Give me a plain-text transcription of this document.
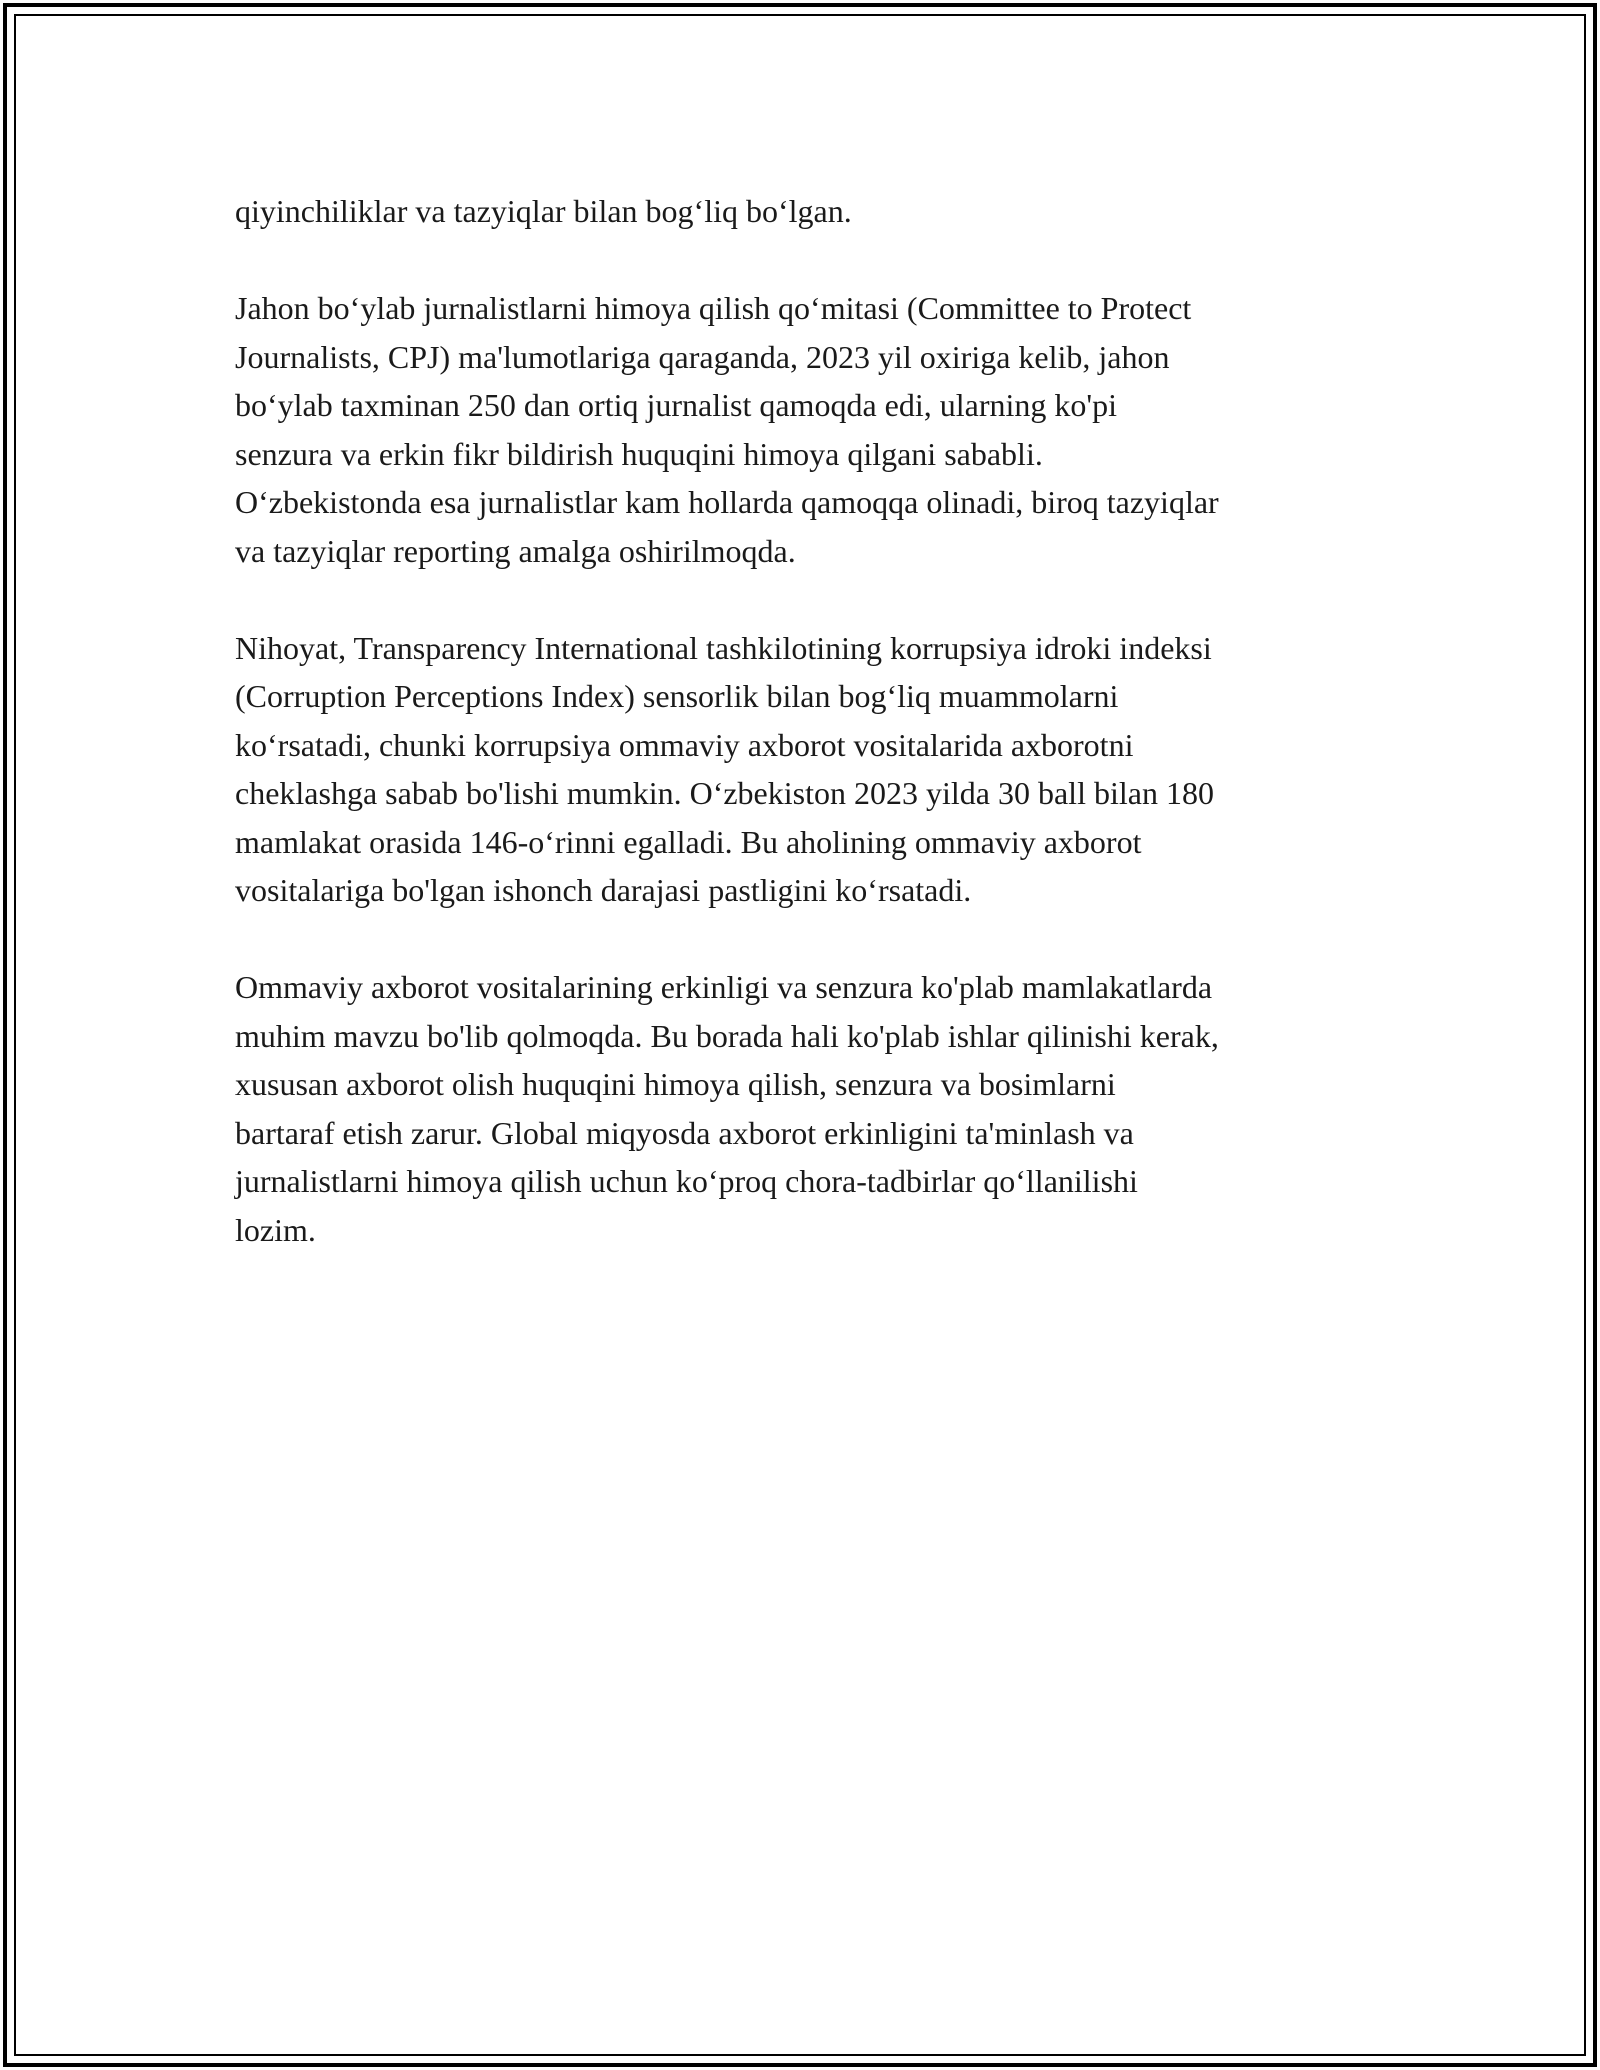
qiyinchiliklar va tazyiqlar bilan bog‘liq bo‘lgan.

Jahon bo‘ylab jurnalistlarni himoya qilish qo‘mitasi (Committee to Protect
Journalists, CPJ) ma'lumotlariga qaraganda, 2023 yil oxiriga kelib, jahon
bo‘ylab taxminan 250 dan ortiq jurnalist qamoqda edi, ularning ko'pi
senzura va erkin fikr bildirish huquqini himoya qilgani sababli.
O‘zbekistonda esa jurnalistlar kam hollarda qamoqqa olinadi, biroq tazyiqlar
va tazyiqlar reporting amalga oshirilmoqda.

Nihoyat, Transparency International tashkilotining korrupsiya idroki indeksi
(Corruption Perceptions Index) sensorlik bilan bog‘liq muammolarni
ko‘rsatadi, chunki korrupsiya ommaviy axborot vositalarida axborotni
cheklashga sabab bo'lishi mumkin. O‘zbekiston 2023 yilda 30 ball bilan 180
mamlakat orasida 146-o‘rinni egalladi. Bu aholining ommaviy axborot
vositalariga bo'lgan ishonch darajasi pastligini ko‘rsatadi.

Ommaviy axborot vositalarining erkinligi va senzura ko'plab mamlakatlarda
muhim mavzu bo'lib qolmoqda. Bu borada hali ko'plab ishlar qilinishi kerak,
xususan axborot olish huquqini himoya qilish, senzura va bosimlarni
bartaraf etish zarur. Global miqyosda axborot erkinligini ta'minlash va
jurnalistlarni himoya qilish uchun ko‘proq chora-tadbirlar qo‘llanilishi
lozim.
